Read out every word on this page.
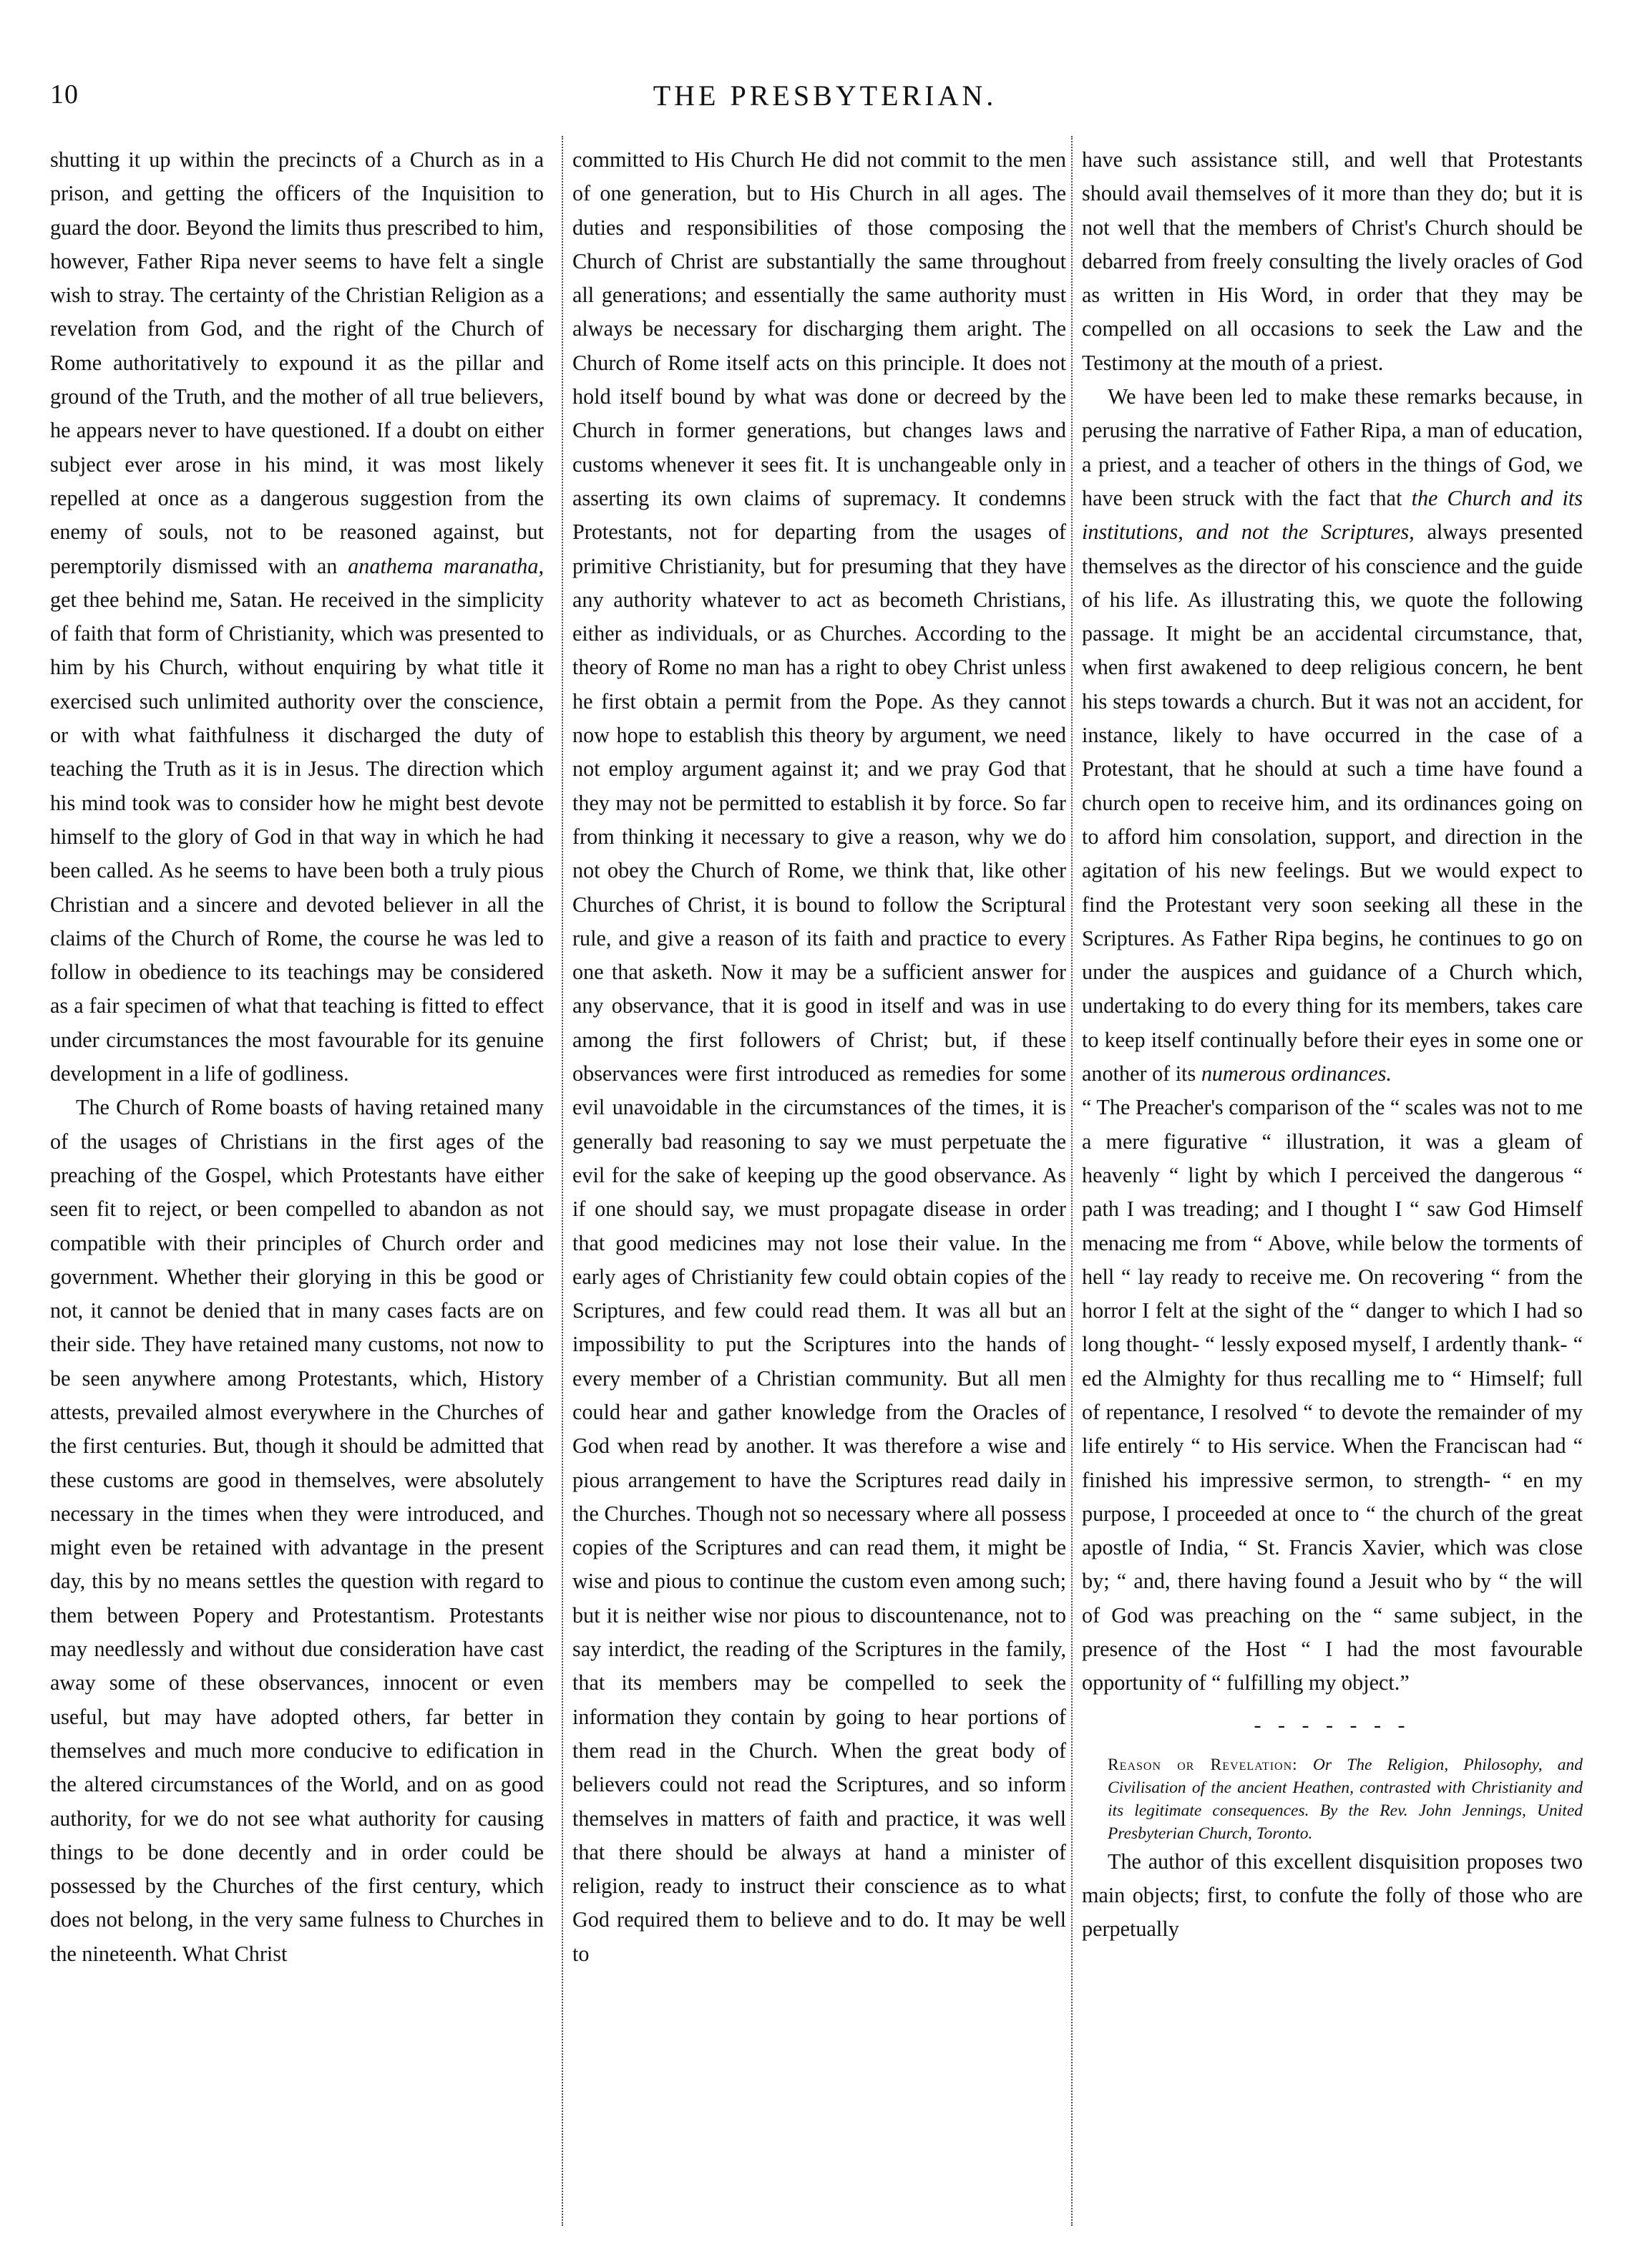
10	THE PRESBYTERIAN.

shutting it up within the precincts of a Church as in a prison, and getting the officers of the Inquisition to guard the door. Beyond the limits thus prescribed to him, however, Father Ripa never seems to have felt a single wish to stray. The certainty of the Christian Religion as a revelation from God, and the right of the Church of Rome authoritatively to expound it as the pillar and ground of the Truth, and the mother of all true believers, he appears never to have questioned. If a doubt on either subject ever arose in his mind, it was most likely repelled at once as a dangerous suggestion from the enemy of souls, not to be reasoned against, but peremptorily dismissed with an anathema maranatha, get thee behind me, Satan. He received in the simplicity of faith that form of Christianity, which was presented to him by his Church, without enquiring by what title it exercised such unlimited authority over the conscience, or with what faithfulness it discharged the duty of teaching the Truth as it is in Jesus. The direction which his mind took was to consider how he might best devote himself to the glory of God in that way in which he had been called. As he seems to have been both a truly pious Christian and a sincere and devoted believer in all the claims of the Church of Rome, the course he was led to follow in obedience to its teachings may be considered as a fair specimen of what that teaching is fitted to effect under circumstances the most favourable for its genuine development in a life of godliness.

The Church of Rome boasts of having retained many of the usages of Christians in the first ages of the preaching of the Gospel, which Protestants have either seen fit to reject, or been compelled to abandon as not compatible with their principles of Church order and government. Whether their glorying in this be good or not, it cannot be denied that in many cases facts are on their side. They have retained many customs, not now to be seen anywhere among Protestants, which, History attests, prevailed almost everywhere in the Churches of the first centuries. But, though it should be admitted that these customs are good in themselves, were absolutely necessary in the times when they were introduced, and might even be retained with advantage in the present day, this by no means settles the question with regard to them between Popery and Protestantism. Protestants may needlessly and without due consideration have cast away some of these observances, innocent or even useful, but may have adopted others, far better in themselves and much more conducive to edification in the altered circumstances of the World, and on as good authority, for we do not see what authority for causing things to be done decently and in order could be possessed by the Churches of the first century, which does not belong, in the very same fulness to Churches in the nineteenth. What Christ

committed to His Church He did not commit to the men of one generation, but to His Church in all ages. The duties and responsibilities of those composing the Church of Christ are substantially the same throughout all generations; and essentially the same authority must always be necessary for discharging them aright. The Church of Rome itself acts on this principle. It does not hold itself bound by what was done or decreed by the Church in former generations, but changes laws and customs whenever it sees fit. It is unchangeable only in asserting its own claims of supremacy. It condemns Protestants, not for departing from the usages of primitive Christianity, but for presuming that they have any authority whatever to act as becometh Christians, either as individuals, or as Churches. According to the theory of Rome no man has a right to obey Christ unless he first obtain a permit from the Pope. As they cannot now hope to establish this theory by argument, we need not employ argument against it; and we pray God that they may not be permitted to establish it by force. So far from thinking it necessary to give a reason, why we do not obey the Church of Rome, we think that, like other Churches of Christ, it is bound to follow the Scriptural rule, and give a reason of its faith and practice to every one that asketh. Now it may be a sufficient answer for any observance, that it is good in itself and was in use among the first followers of Christ; but, if these observances were first introduced as remedies for some evil unavoidable in the circumstances of the times, it is generally bad reasoning to say we must perpetuate the evil for the sake of keeping up the good observance. As if one should say, we must propagate disease in order that good medicines may not lose their value. In the early ages of Christianity few could obtain copies of the Scriptures, and few could read them. It was all but an impossibility to put the Scriptures into the hands of every member of a Christian community. But all men could hear and gather knowledge from the Oracles of God when read by another. It was therefore a wise and pious arrangement to have the Scriptures read daily in the Churches. Though not so necessary where all possess copies of the Scriptures and can read them, it might be wise and pious to continue the custom even among such; but it is neither wise nor pious to discountenance, not to say interdict, the reading of the Scriptures in the family, that its members may be compelled to seek the information they contain by going to hear portions of them read in the Church. When the great body of believers could not read the Scriptures, and so inform themselves in matters of faith and practice, it was well that there should be always at hand a minister of religion, ready to instruct their conscience as to what God required them to believe and to do. It may be well to

have such assistance still, and well that Protestants should avail themselves of it more than they do; but it is not well that the members of Christ's Church should be debarred from freely consulting the lively oracles of God as written in His Word, in order that they may be compelled on all occasions to seek the Law and the Testimony at the mouth of a priest.

We have been led to make these remarks because, in perusing the narrative of Father Ripa, a man of education, a priest, and a teacher of others in the things of God, we have been struck with the fact that the Church and its institutions, and not the Scriptures, always presented themselves as the director of his conscience and the guide of his life. As illustrating this, we quote the following passage. It might be an accidental circumstance, that, when first awakened to deep religious concern, he bent his steps towards a church. But it was not an accident, for instance, likely to have occurred in the case of a Protestant, that he should at such a time have found a church open to receive him, and its ordinances going on to afford him consolation, support, and direction in the agitation of his new feelings. But we would expect to find the Protestant very soon seeking all these in the Scriptures. As Father Ripa begins, he continues to go on under the auspices and guidance of a Church which, undertaking to do every thing for its members, takes care to keep itself continually before their eyes in some one or another of its numerous ordinances.

“ The Preacher's comparison of the “ scales was not to me a mere figurative “ illustration, it was a gleam of heavenly “ light by which I perceived the dangerous “ path I was treading; and I thought I “ saw God Himself menacing me from “ Above, while below the torments of hell “ lay ready to receive me. On recovering “ from the horror I felt at the sight of the “ danger to which I had so long thought- “ lessly exposed myself, I ardently thank- “ ed the Almighty for thus recalling me to “ Himself; full of repentance, I resolved “ to devote the remainder of my life entirely “ to His service. When the Franciscan had “ finished his impressive sermon, to strength- “ en my purpose, I proceeded at once to “ the church of the great apostle of India, “ St. Francis Xavier, which was close by; “ and, there having found a Jesuit who by “ the will of God was preaching on the “ same subject, in the presence of the Host “ I had the most favourable opportunity of “ fulfilling my object.”

- - - - - - -

Reason or Revelation: Or The Religion, Philosophy, and Civilisation of the ancient Heathen, contrasted with Christianity and its legitimate consequences. By the Rev. John Jennings, United Presbyterian Church, Toronto.

The author of this excellent disquisition proposes two main objects; first, to confute the folly of those who are perpetually
